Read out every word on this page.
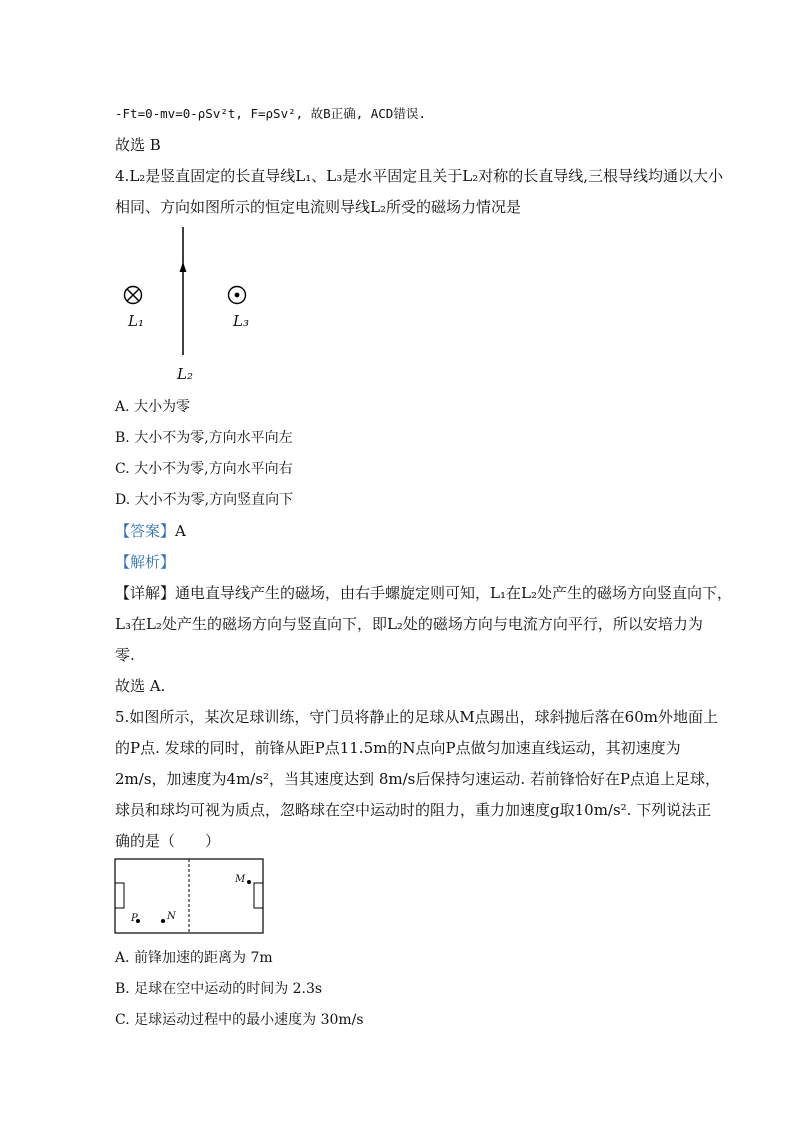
-Ft=0-mv=0-ρSv²t, F=ρSv², 故B正确, ACD错误.
故选 B
4.L₂是竖直固定的长直导线L₁、L₃是水平固定且关于L₂对称的长直导线,三根导线均通以大小
相同、方向如图所示的恒定电流则导线L₂所受的磁场力情况是
L₁	L₃
L₂
A. 大小为零
B. 大小不为零,方向水平向左
C. 大小不为零,方向水平向右
D. 大小不为零,方向竖直向下
【答案】A
【解析】
【详解】通电直导线产生的磁场，由右手螺旋定则可知，L₁在L₂处产生的磁场方向竖直向下，
L₃在L₂处产生的磁场方向与竖直向下，即L₂处的磁场方向与电流方向平行，所以安培力为
零.
故选 A.
5.如图所示，某次足球训练，守门员将静止的足球从M点踢出，球斜抛后落在60m外地面上
的P点. 发球的同时，前锋从距P点11.5m的N点向P点做匀加速直线运动，其初速度为
2m/s，加速度为4m/s²，当其速度达到 8m/s后保持匀速运动. 若前锋恰好在P点追上足球，
球员和球均可视为质点，忽略球在空中运动时的阻力，重力加速度g取10m/s². 下列说法正
确的是（　　）
M
P	N
A. 前锋加速的距离为 7m
B. 足球在空中运动的时间为 2.3s
C. 足球运动过程中的最小速度为 30m/s
